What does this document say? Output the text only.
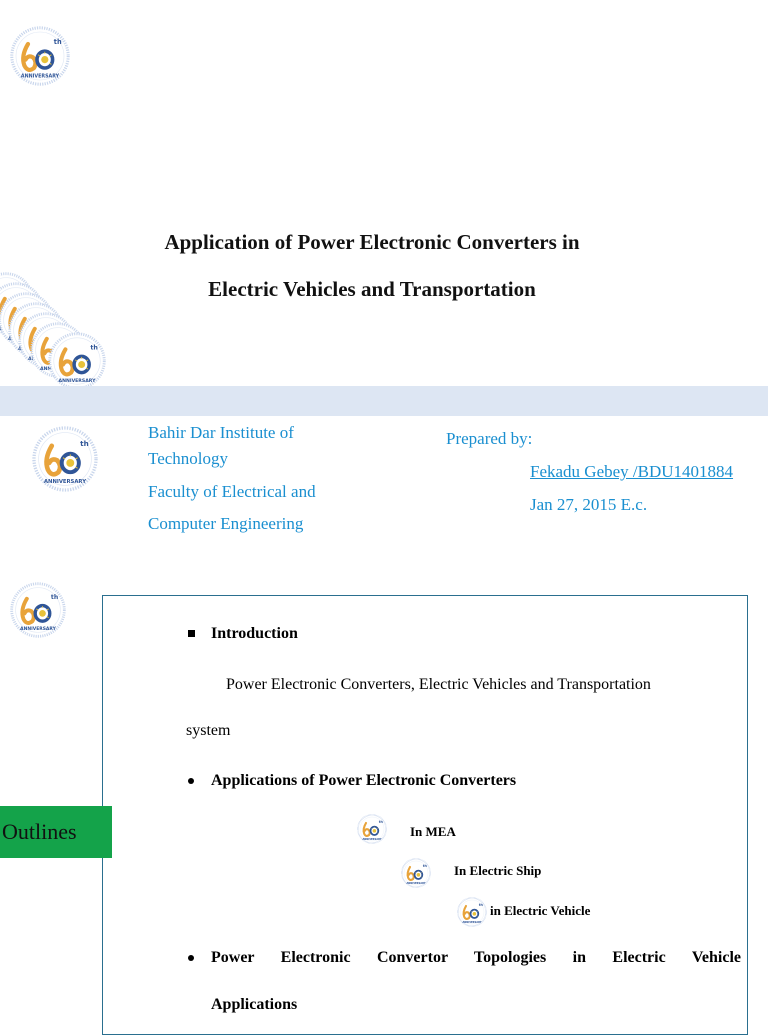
Application of Power Electronic Converters in
Electric Vehicles and Transportation
Bahir Dar Institute of
Technology
Faculty of Electrical and
Computer Engineering
Prepared by:
Fekadu Gebey /BDU1401884
Jan 27, 2015 E.c.
Outlines
Introduction
Power Electronic Converters, Electric Vehicles and Transportation
system
Applications of Power Electronic Converters
In MEA
In Electric Ship
in Electric Vehicle
Power Electronic Convertor Topologies in Electric Vehicle
Applications
